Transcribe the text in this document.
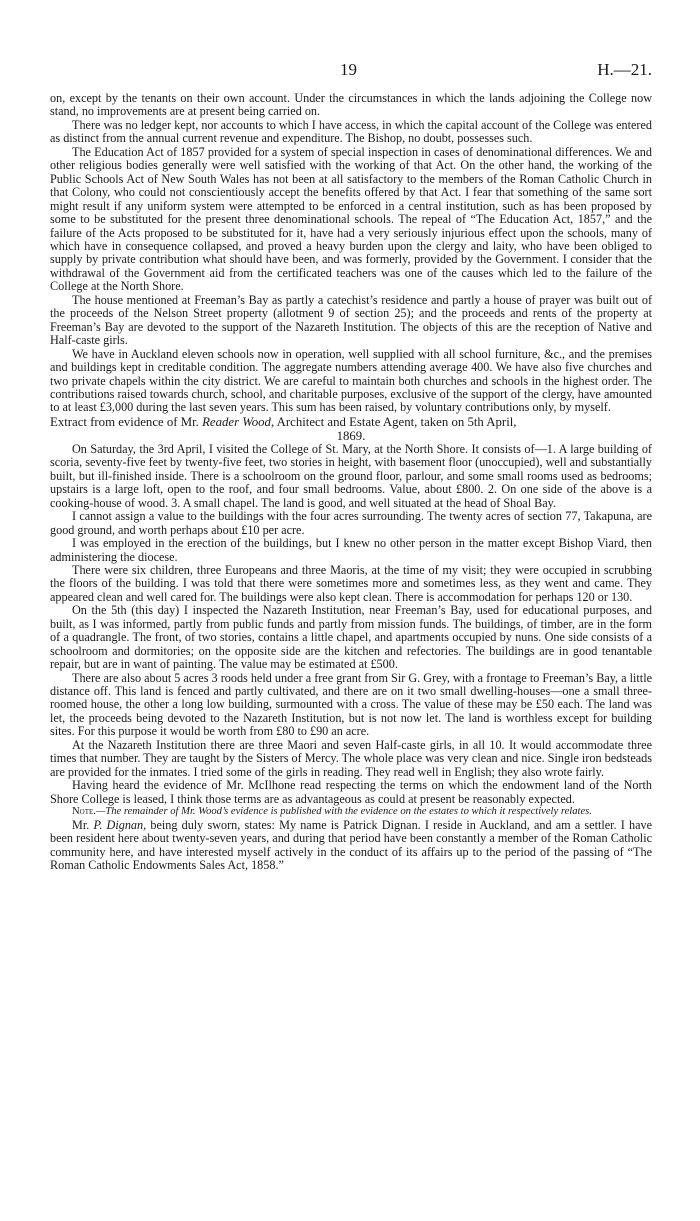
19	H.—21.

on, except by the tenants on their own account. Under the circumstances in which the lands adjoining the College now stand, no improvements are at present being carried on.

There was no ledger kept, nor accounts to which I have access, in which the capital account of the College was entered as distinct from the annual current revenue and expenditure. The Bishop, no doubt, possesses such.

The Education Act of 1857 provided for a system of special inspection in cases of denominational differences. We and other religious bodies generally were well satisfied with the working of that Act. On the other hand, the working of the Public Schools Act of New South Wales has not been at all satisfactory to the members of the Roman Catholic Church in that Colony, who could not conscientiously accept the benefits offered by that Act. I fear that something of the same sort might result if any uniform system were attempted to be enforced in a central institution, such as has been proposed by some to be substituted for the present three denominational schools. The repeal of “The Education Act, 1857,” and the failure of the Acts proposed to be substituted for it, have had a very seriously injurious effect upon the schools, many of which have in consequence collapsed, and proved a heavy burden upon the clergy and laity, who have been obliged to supply by private contribution what should have been, and was formerly, provided by the Government. I consider that the withdrawal of the Government aid from the certificated teachers was one of the causes which led to the failure of the College at the North Shore.

The house mentioned at Freeman’s Bay as partly a catechist’s residence and partly a house of prayer was built out of the proceeds of the Nelson Street property (allotment 9 of section 25); and the proceeds and rents of the property at Freeman’s Bay are devoted to the support of the Nazareth Institution. The objects of this are the reception of Native and Half-caste girls.

We have in Auckland eleven schools now in operation, well supplied with all school furniture, &c., and the premises and buildings kept in creditable condition. The aggregate numbers attending average 400. We have also five churches and two private chapels within the city district. We are careful to maintain both churches and schools in the highest order. The contributions raised towards church, school, and charitable purposes, exclusive of the support of the clergy, have amounted to at least £3,000 during the last seven years. This sum has been raised, by voluntary contributions only, by myself.

Extract from evidence of Mr. Reader Wood, Architect and Estate Agent, taken on 5th April,
1869.

On Saturday, the 3rd April, I visited the College of St. Mary, at the North Shore. It consists of—1. A large building of scoria, seventy-five feet by twenty-five feet, two stories in height, with basement floor (unoccupied), well and substantially built, but ill-finished inside. There is a schoolroom on the ground floor, parlour, and some small rooms used as bedrooms; upstairs is a large loft, open to the roof, and four small bedrooms. Value, about £800. 2. On one side of the above is a cooking-house of wood. 3. A small chapel. The land is good, and well situated at the head of Shoal Bay.

I cannot assign a value to the buildings with the four acres surrounding. The twenty acres of section 77, Takapuna, are good ground, and worth perhaps about £10 per acre.

I was employed in the erection of the buildings, but I knew no other person in the matter except Bishop Viard, then administering the diocese.

There were six children, three Europeans and three Maoris, at the time of my visit; they were occupied in scrubbing the floors of the building. I was told that there were sometimes more and sometimes less, as they went and came. They appeared clean and well cared for. The buildings were also kept clean. There is accommodation for perhaps 120 or 130.

On the 5th (this day) I inspected the Nazareth Institution, near Freeman’s Bay, used for educational purposes, and built, as I was informed, partly from public funds and partly from mission funds. The buildings, of timber, are in the form of a quadrangle. The front, of two stories, contains a little chapel, and apartments occupied by nuns. One side consists of a schoolroom and dormitories; on the opposite side are the kitchen and refectories. The buildings are in good tenantable repair, but are in want of painting. The value may be estimated at £500.

There are also about 5 acres 3 roods held under a free grant from Sir G. Grey, with a frontage to Freeman’s Bay, a little distance off. This land is fenced and partly cultivated, and there are on it two small dwelling-houses—one a small three-roomed house, the other a long low building, surmounted with a cross. The value of these may be £50 each. The land was let, the proceeds being devoted to the Nazareth Institution, but is not now let. The land is worthless except for building sites. For this purpose it would be worth from £80 to £90 an acre.

At the Nazareth Institution there are three Maori and seven Half-caste girls, in all 10. It would accommodate three times that number. They are taught by the Sisters of Mercy. The whole place was very clean and nice. Single iron bedsteads are provided for the inmates. I tried some of the girls in reading. They read well in English; they also wrote fairly.

Having heard the evidence of Mr. McIlhone read respecting the terms on which the endowment land of the North Shore College is leased, I think those terms are as advantageous as could at present be reasonably expected.

Note.—The remainder of Mr. Wood’s evidence is published with the evidence on the estates to which it respectively relates.

Mr. P. Dignan, being duly sworn, states: My name is Patrick Dignan. I reside in Auckland, and am a settler. I have been resident here about twenty-seven years, and during that period have been constantly a member of the Roman Catholic community here, and have interested myself actively in the conduct of its affairs up to the period of the passing of “The Roman Catholic Endowments Sales Act, 1858.”
